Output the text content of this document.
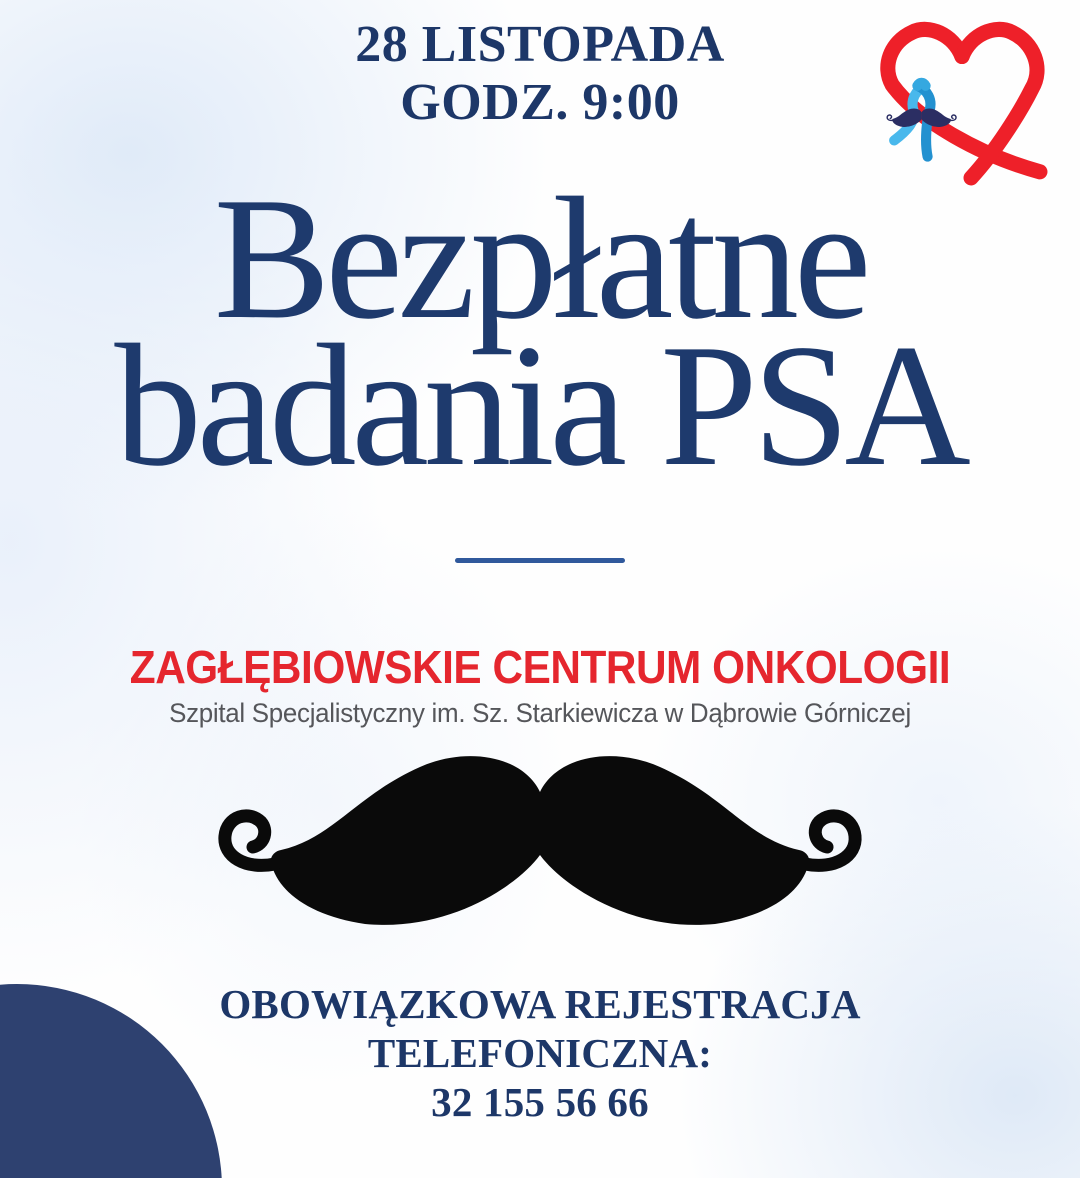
28 LISTOPADA
GODZ. 9:00
Bezpłatne
badania PSA
ZAGŁĘBIOWSKIE CENTRUM ONKOLOGII
Szpital Specjalistyczny im. Sz. Starkiewicza w Dąbrowie Górniczej
OBOWIĄZKOWA REJESTRACJA
TELEFONICZNA:
32 155 56 66
